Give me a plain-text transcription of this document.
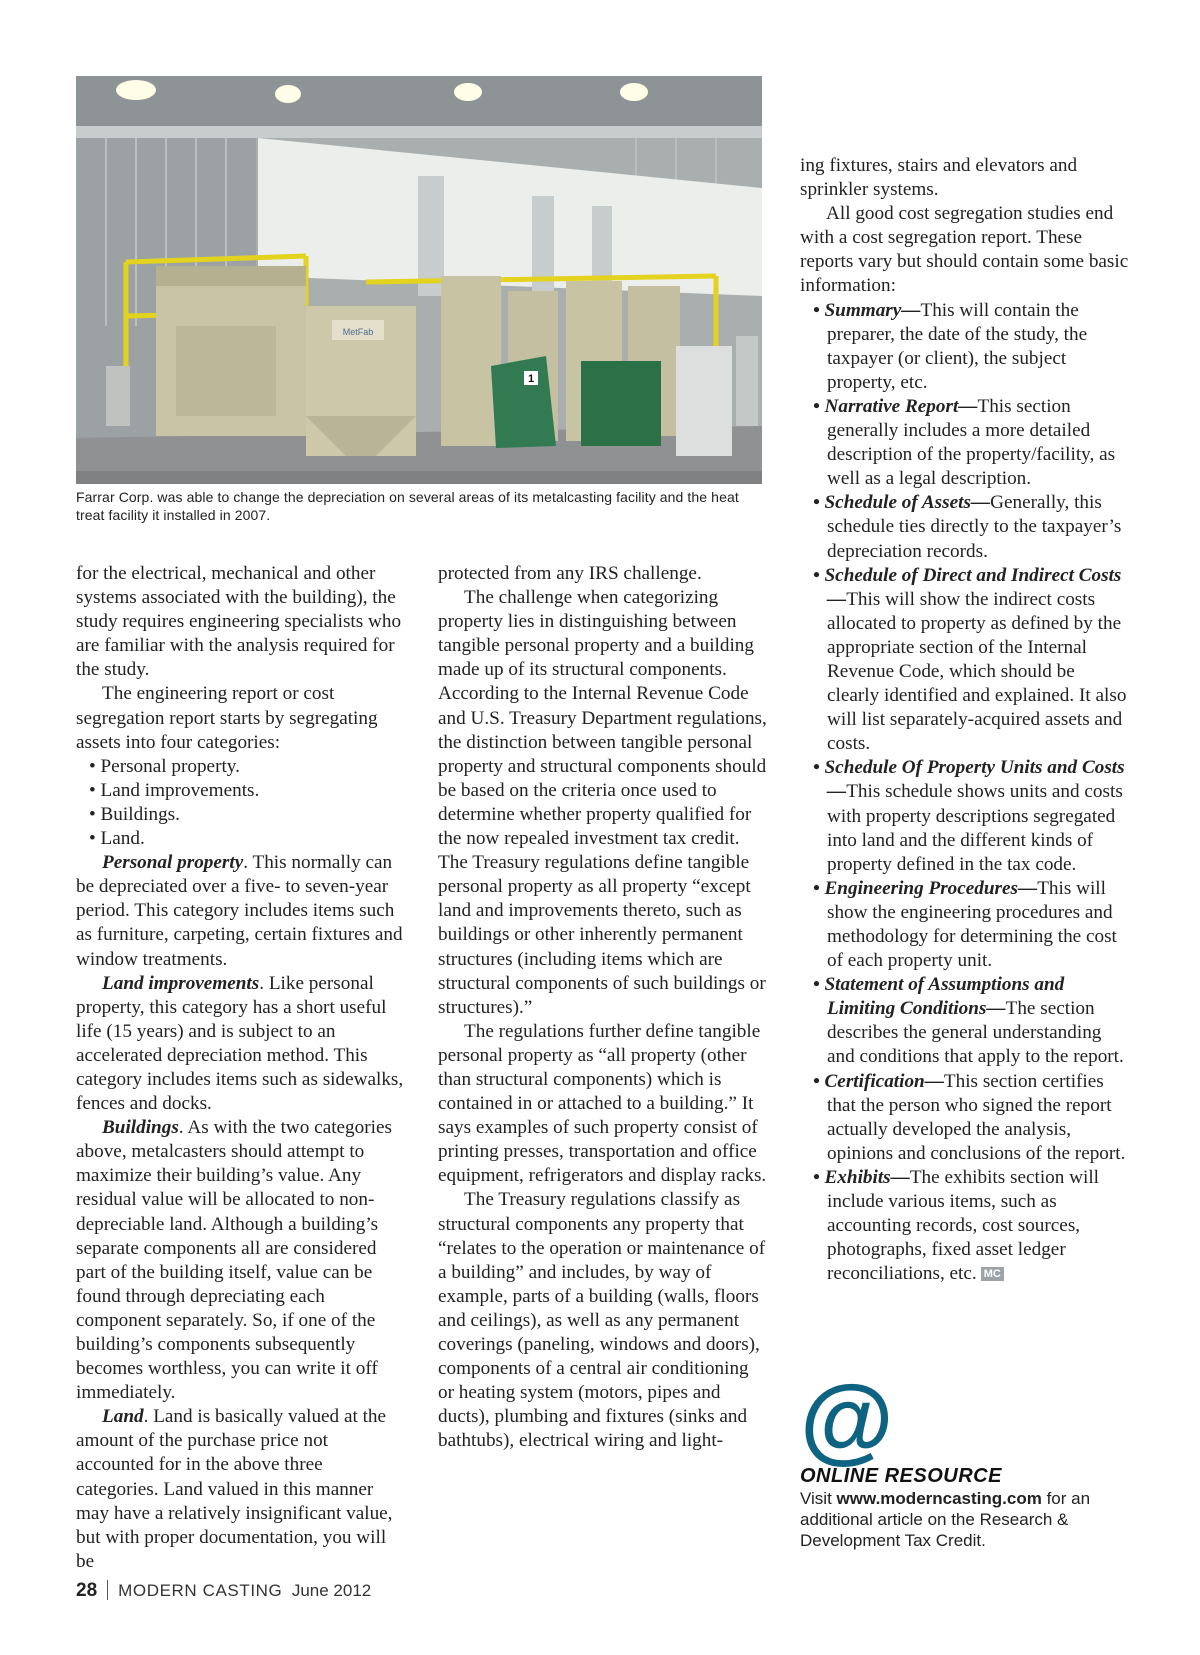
MetFab
1
Farrar Corp. was able to change the depreciation on several areas of its metalcasting facility and the heat treat facility it installed in 2007.

for the electrical, mechanical and other systems associated with the building), the study requires engineering specialists who are familiar with the analysis required for the study.

The engineering report or cost segregation report starts by segregating assets into four categories:

• Personal property.

• Land improvements.

• Buildings.

• Land.

Personal property. This normally can be depreciated over a five- to seven-year period. This category includes items such as furniture, carpeting, certain fixtures and window treatments.

Land improvements. Like personal property, this category has a short useful life (15 years) and is subject to an accelerated depreciation method. This category includes items such as sidewalks, fences and docks.

Buildings. As with the two categories above, metalcasters should attempt to maximize their building’s value. Any residual value will be allocated to non-depreciable land. Although a building’s separate components all are considered part of the building itself, value can be found through depreciating each component separately. So, if one of the building’s components subsequently becomes worthless, you can write it off immediately.

Land. Land is basically valued at the amount of the purchase price not accounted for in the above three categories. Land valued in this manner may have a relatively insignificant value, but with proper documentation, you will be

protected from any IRS challenge.

The challenge when categorizing property lies in distinguishing between tangible personal property and a building made up of its structural components. According to the Internal Revenue Code and U.S. Treasury Department regulations, the distinction between tangible personal property and structural components should be based on the criteria once used to determine whether property qualified for the now repealed investment tax credit. The Treasury regulations define tangible personal property as all property “except land and improvements thereto, such as buildings or other inherently permanent structures (including items which are structural components of such buildings or structures).”

The regulations further define tangible personal property as “all property (other than structural components) which is contained in or attached to a building.” It says examples of such property consist of printing presses, transportation and office equipment, refrigerators and display racks.

The Treasury regulations classify as structural components any property that “relates to the operation or maintenance of a building” and includes, by way of example, parts of a building (walls, floors and ceilings), as well as any permanent coverings (paneling, windows and doors), components of a central air conditioning or heating system (motors, pipes and ducts), plumbing and fixtures (sinks and bathtubs), electrical wiring and light-

ing fixtures, stairs and elevators and sprinkler systems.

All good cost segregation studies end with a cost segregation report. These reports vary but should contain some basic information:

• Summary—This will contain the preparer, the date of the study, the taxpayer (or client), the subject property, etc.

• Narrative Report—This section generally includes a more detailed description of the property/facility, as well as a legal description.

• Schedule of Assets—Generally, this schedule ties directly to the taxpayer’s depreciation records.

• Schedule of Direct and Indirect Costs—This will show the indirect costs allocated to property as defined by the appropriate section of the Internal Revenue Code, which should be clearly identified and explained. It also will list separately-acquired assets and costs.

• Schedule Of Property Units and Costs—This schedule shows units and costs with property descriptions segregated into land and the different kinds of property defined in the tax code.

• Engineering Procedures—This will show the engineering procedures and methodology for determining the cost of each property unit.

• Statement of Assumptions and Limiting Conditions—The section describes the general understanding and conditions that apply to the report.

• Certification—This section certifies that the person who signed the report actually developed the analysis, opinions and conclusions of the report.

• Exhibits—The exhibits section will include various items, such as accounting records, cost sources, photographs, fixed asset ledger reconciliations, etc. MC

@
ONLINE RESOURCE
Visit www.moderncasting.com for an additional article on the Research & Development Tax Credit.
28 MODERN CASTING June 2012
